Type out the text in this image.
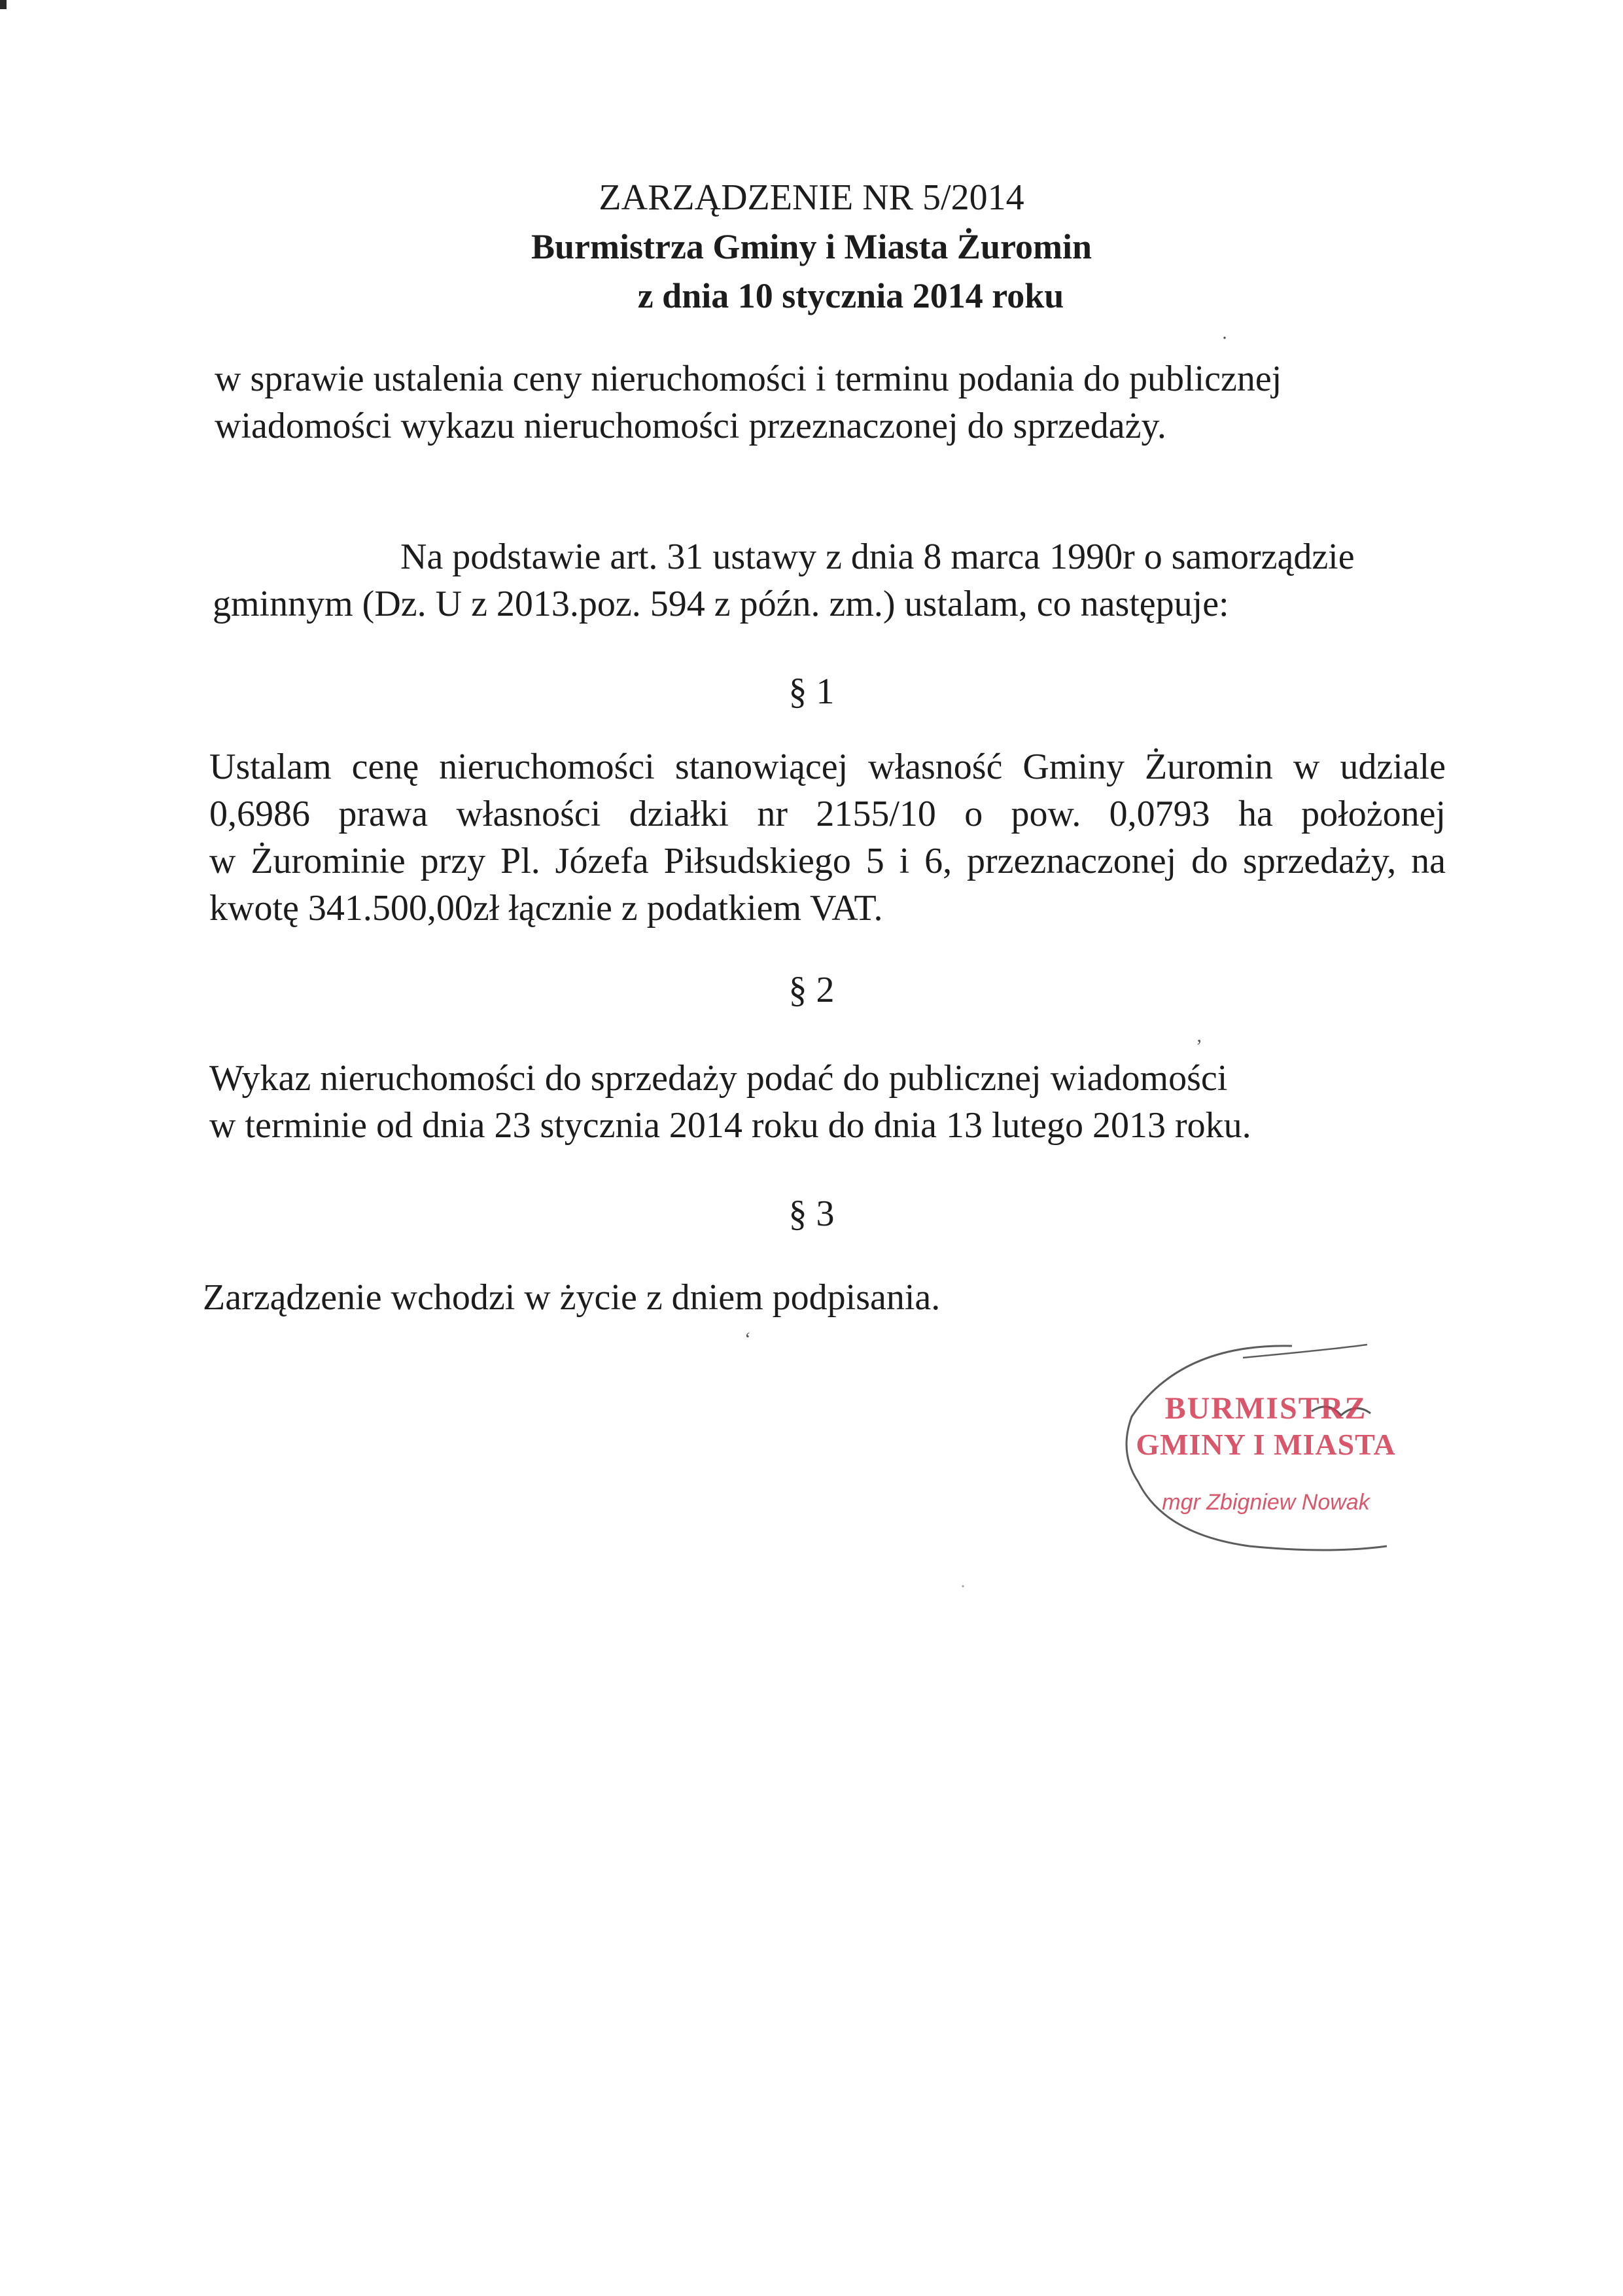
ZARZĄDZENIE NR 5/2014
Burmistrza Gminy i Miasta Żuromin
z dnia 10 stycznia 2014 roku
w sprawie ustalenia ceny nieruchomości i terminu podania do publicznej
wiadomości wykazu nieruchomości przeznaczonej do sprzedaży.
Na podstawie art. 31 ustawy z dnia 8 marca 1990r o samorządzie
gminnym (Dz. U z 2013.poz. 594 z późn. zm.) ustalam, co następuje:
§ 1
Ustalam cenę nieruchomości stanowiącej własność Gminy Żuromin w udziale
0,6986 prawa własności działki nr 2155/10 o pow. 0,0793 ha położonej
w Żurominie przy Pl. Józefa Piłsudskiego 5 i 6, przeznaczonej do sprzedaży, na
kwotę 341.500,00zł łącznie z podatkiem VAT.
§ 2
Wykaz nieruchomości do sprzedaży podać do publicznej wiadomości
w terminie od dnia 23 stycznia 2014 roku do dnia 13 lutego 2013 roku.
§ 3
Zarządzenie wchodzi w życie z dniem podpisania.
BURMISTRZ
GMINY I MIASTA
mgr Zbigniew Nowak
·
ʼ
ʻ
·
